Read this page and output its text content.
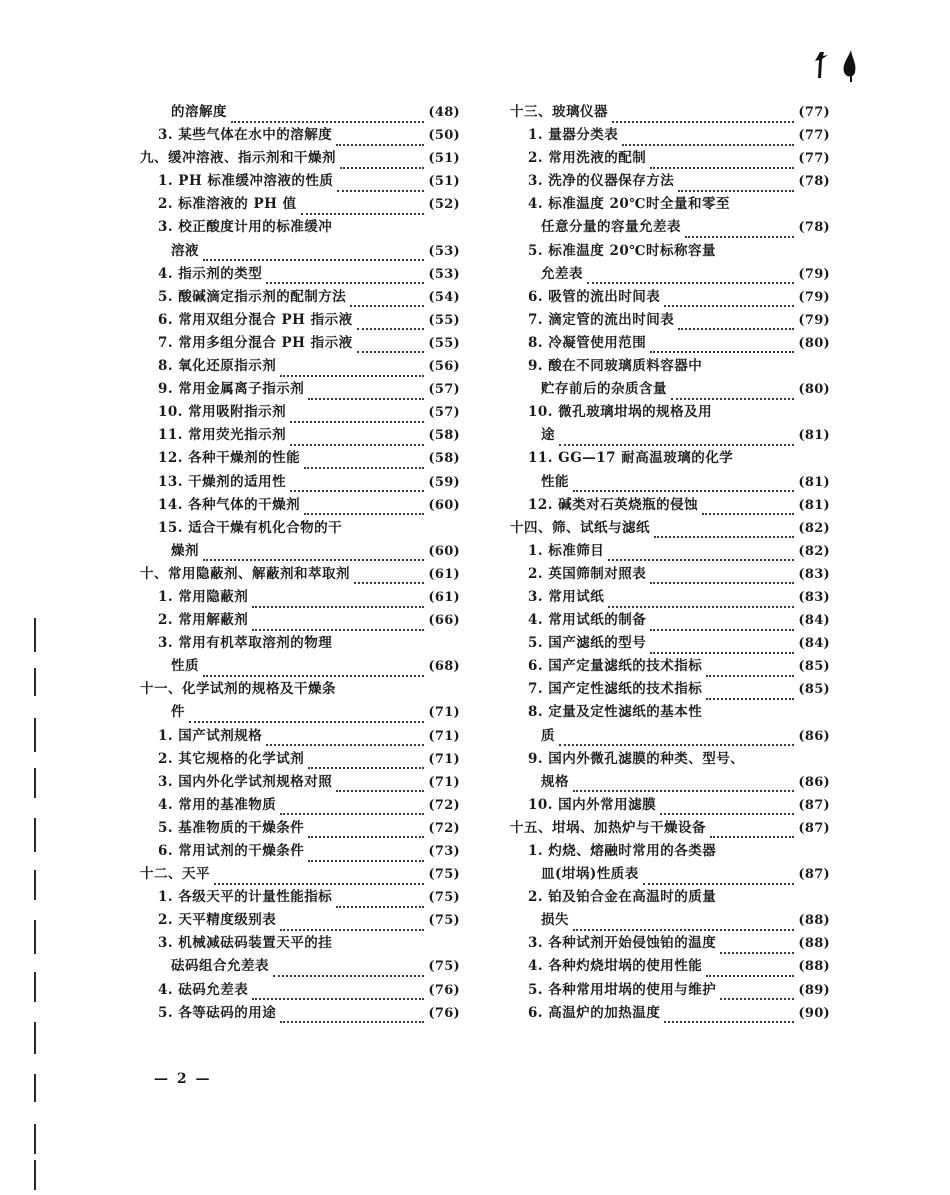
的溶解度	(48)
3. 某些气体在水中的溶解度	(50)
九、缓冲溶液、指示剂和干燥剂	(51)
1. PH 标准缓冲溶液的性质	(51)
2. 标准溶液的 PH 值	(52)
3. 校正酸度计用的标准缓冲
溶液	(53)
4. 指示剂的类型	(53)
5. 酸碱滴定指示剂的配制方法	(54)
6. 常用双组分混合 PH 指示液	(55)
7. 常用多组分混合 PH 指示液	(55)
8. 氧化还原指示剂	(56)
9. 常用金属离子指示剂	(57)
10. 常用吸附指示剂	(57)
11. 常用荧光指示剂	(58)
12. 各种干燥剂的性能	(58)
13. 干燥剂的适用性	(59)
14. 各种气体的干燥剂	(60)
15. 适合干燥有机化合物的干
燥剂	(60)
十、常用隐蔽剂、解蔽剂和萃取剂	(61)
1. 常用隐蔽剂	(61)
2. 常用解蔽剂	(66)
3. 常用有机萃取溶剂的物理
性质	(68)
十一、化学试剂的规格及干燥条
件	(71)
1. 国产试剂规格	(71)
2. 其它规格的化学试剂	(71)
3. 国内外化学试剂规格对照	(71)
4. 常用的基准物质	(72)
5. 基准物质的干燥条件	(72)
6. 常用试剂的干燥条件	(73)
十二、天平	(75)
1. 各级天平的计量性能指标	(75)
2. 天平精度级别表	(75)
3. 机械减砝码装置天平的挂
砝码组合允差表	(75)
4. 砝码允差表	(76)
5. 各等砝码的用途	(76)
十三、玻璃仪器	(77)
1. 量器分类表	(77)
2. 常用洗液的配制	(77)
3. 洗净的仪器保存方法	(78)
4. 标准温度 20℃时全量和零至
任意分量的容量允差表	(78)
5. 标准温度 20℃时标称容量
允差表	(79)
6. 吸管的流出时间表	(79)
7. 滴定管的流出时间表	(79)
8. 冷凝管使用范围	(80)
9. 酸在不同玻璃质料容器中
贮存前后的杂质含量	(80)
10. 微孔玻璃坩埚的规格及用
途	(81)
11. GG—17 耐高温玻璃的化学
性能	(81)
12. 碱类对石英烧瓶的侵蚀	(81)
十四、筛、试纸与滤纸	(82)
1. 标准筛目	(82)
2. 英国筛制对照表	(83)
3. 常用试纸	(83)
4. 常用试纸的制备	(84)
5. 国产滤纸的型号	(84)
6. 国产定量滤纸的技术指标	(85)
7. 国产定性滤纸的技术指标	(85)
8. 定量及定性滤纸的基本性
质	(86)
9. 国内外微孔滤膜的种类、型号、
规格	(86)
10. 国内外常用滤膜	(87)
十五、坩埚、加热炉与干燥设备	(87)
1. 灼烧、熔融时常用的各类器
皿(坩埚)性质表	(87)
2. 铂及铂合金在高温时的质量
损失	(88)
3. 各种试剂开始侵蚀铂的温度	(88)
4. 各种灼烧坩埚的使用性能	(88)
5. 各种常用坩埚的使用与维护	(89)
6. 高温炉的加热温度	(90)
— 2 —
